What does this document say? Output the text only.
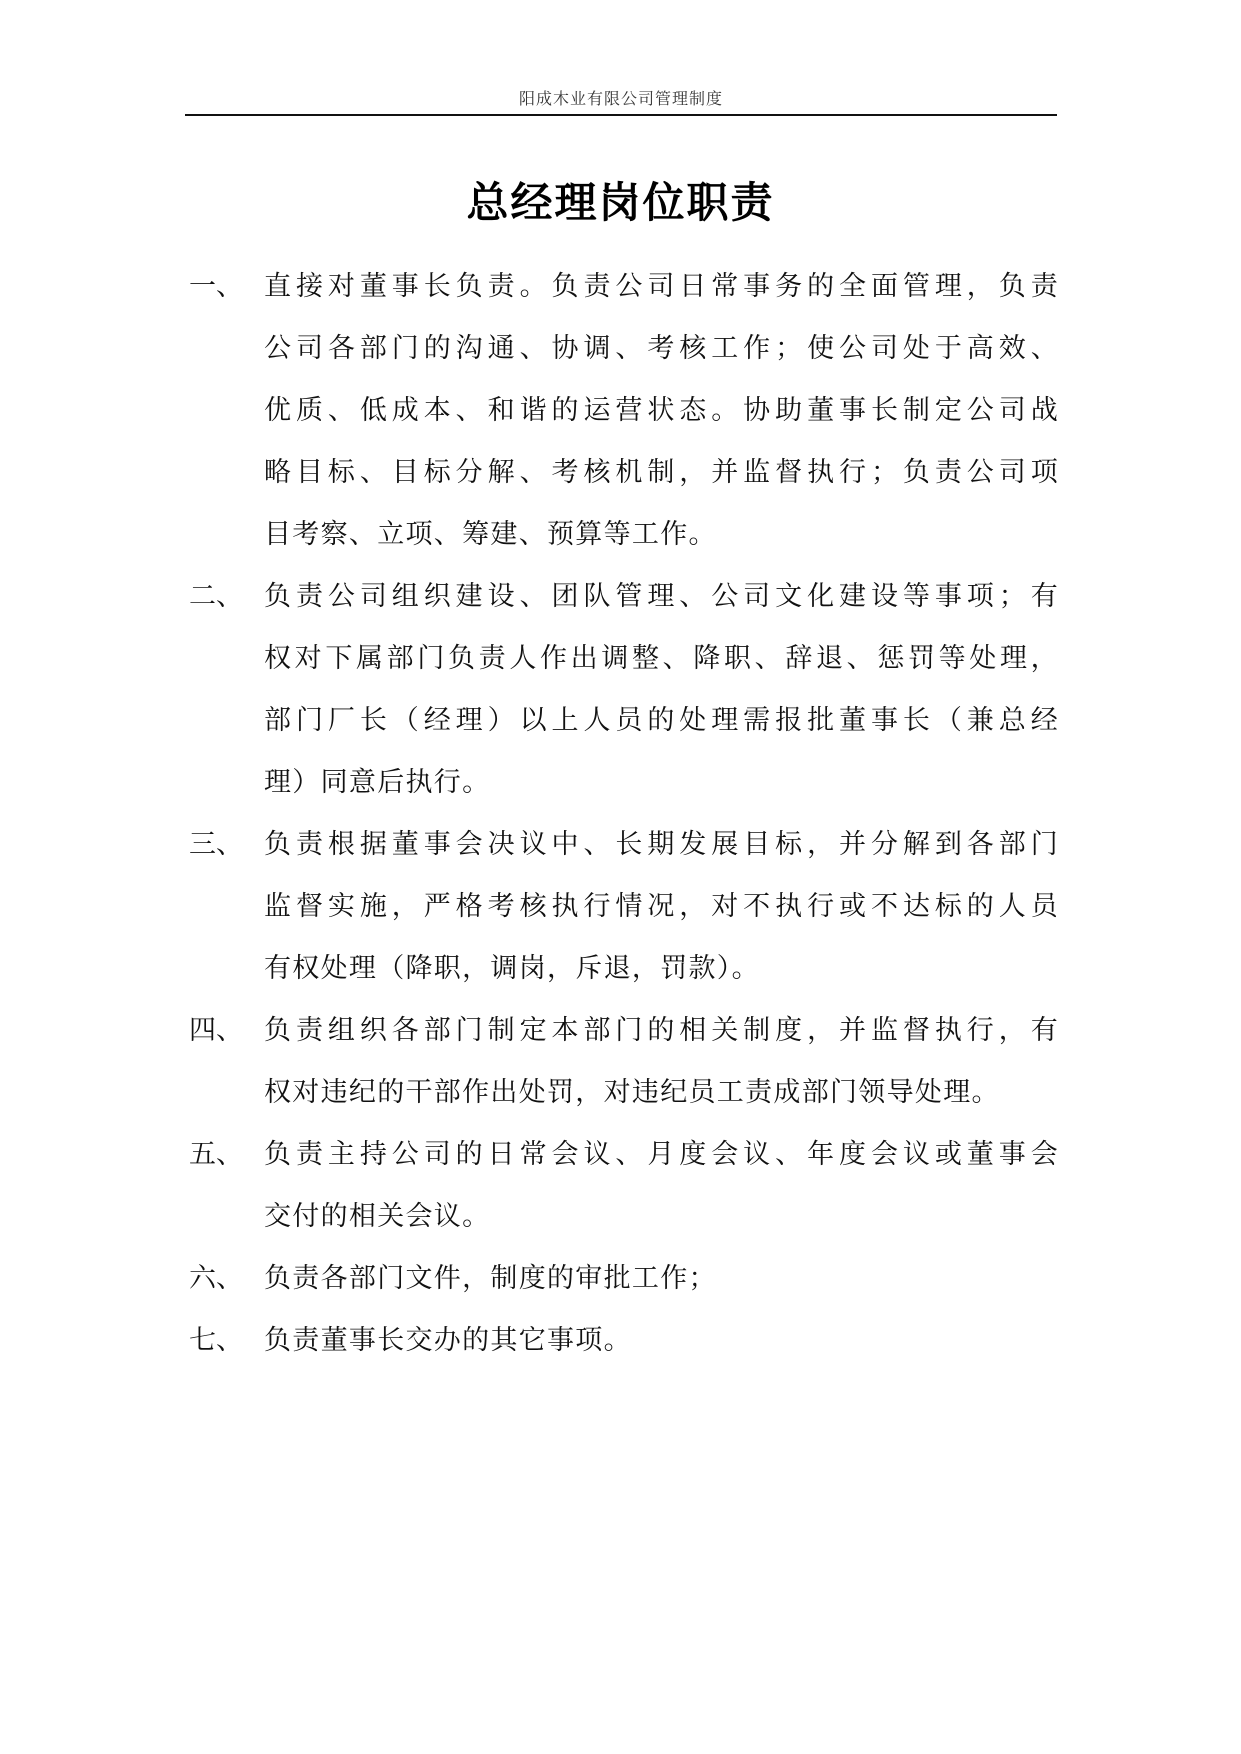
阳成木业有限公司管理制度
总经理岗位职责
一、 直接对董事长负责。负责公司日常事务的全面管理，负责
公司各部门的沟通、协调、考核工作；使公司处于高效、
优质、低成本、和谐的运营状态。协助董事长制定公司战
略目标、目标分解、考核机制，并监督执行；负责公司项
目考察、立项、筹建、预算等工作。
二、 负责公司组织建设、团队管理、公司文化建设等事项；有
权对下属部门负责人作出调整、降职、辞退、惩罚等处理，
部门厂长（经理）以上人员的处理需报批董事长（兼总经
理）同意后执行。
三、 负责根据董事会决议中、长期发展目标，并分解到各部门
监督实施，严格考核执行情况，对不执行或不达标的人员
有权处理（降职，调岗，斥退，罚款）。
四、 负责组织各部门制定本部门的相关制度，并监督执行，有
权对违纪的干部作出处罚，对违纪员工责成部门领导处理。
五、 负责主持公司的日常会议、月度会议、年度会议或董事会
交付的相关会议。
六、 负责各部门文件，制度的审批工作；
七、 负责董事长交办的其它事项。
